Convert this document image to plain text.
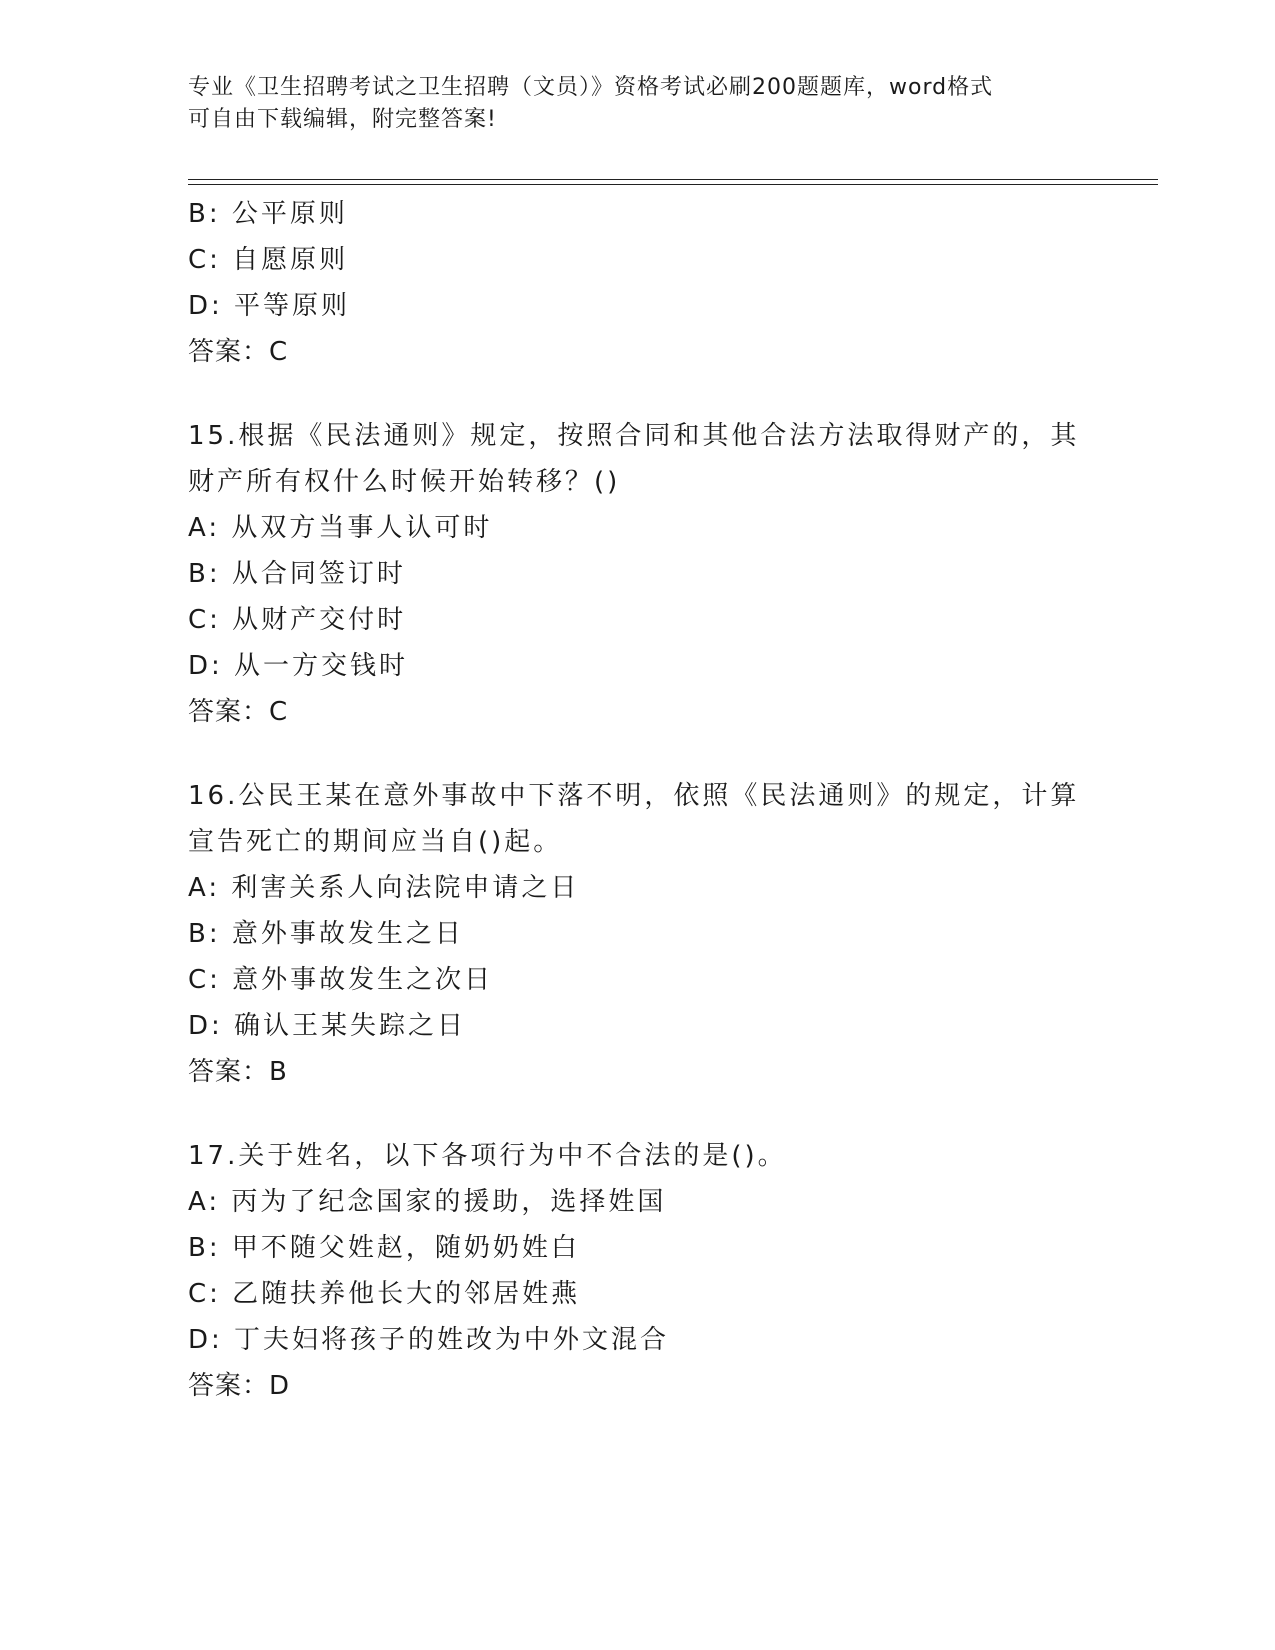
专业《卫生招聘考试之卫生招聘（文员）》资格考试必刷200题题库，word格式
可自由下载编辑，附完整答案!
B: 公平原则
C: 自愿原则
D: 平等原则
答案：C
15.根据《民法通则》规定，按照合同和其他合法方法取得财产的，其
财产所有权什么时候开始转移？()
A: 从双方当事人认可时
B: 从合同签订时
C: 从财产交付时
D: 从一方交钱时
答案：C
16.公民王某在意外事故中下落不明，依照《民法通则》的规定，计算
宣告死亡的期间应当自()起。
A: 利害关系人向法院申请之日
B: 意外事故发生之日
C: 意外事故发生之次日
D: 确认王某失踪之日
答案：B
17.关于姓名，以下各项行为中不合法的是()。
A: 丙为了纪念国家的援助，选择姓国
B: 甲不随父姓赵，随奶奶姓白
C: 乙随扶养他长大的邻居姓燕
D: 丁夫妇将孩子的姓改为中外文混合
答案：D
